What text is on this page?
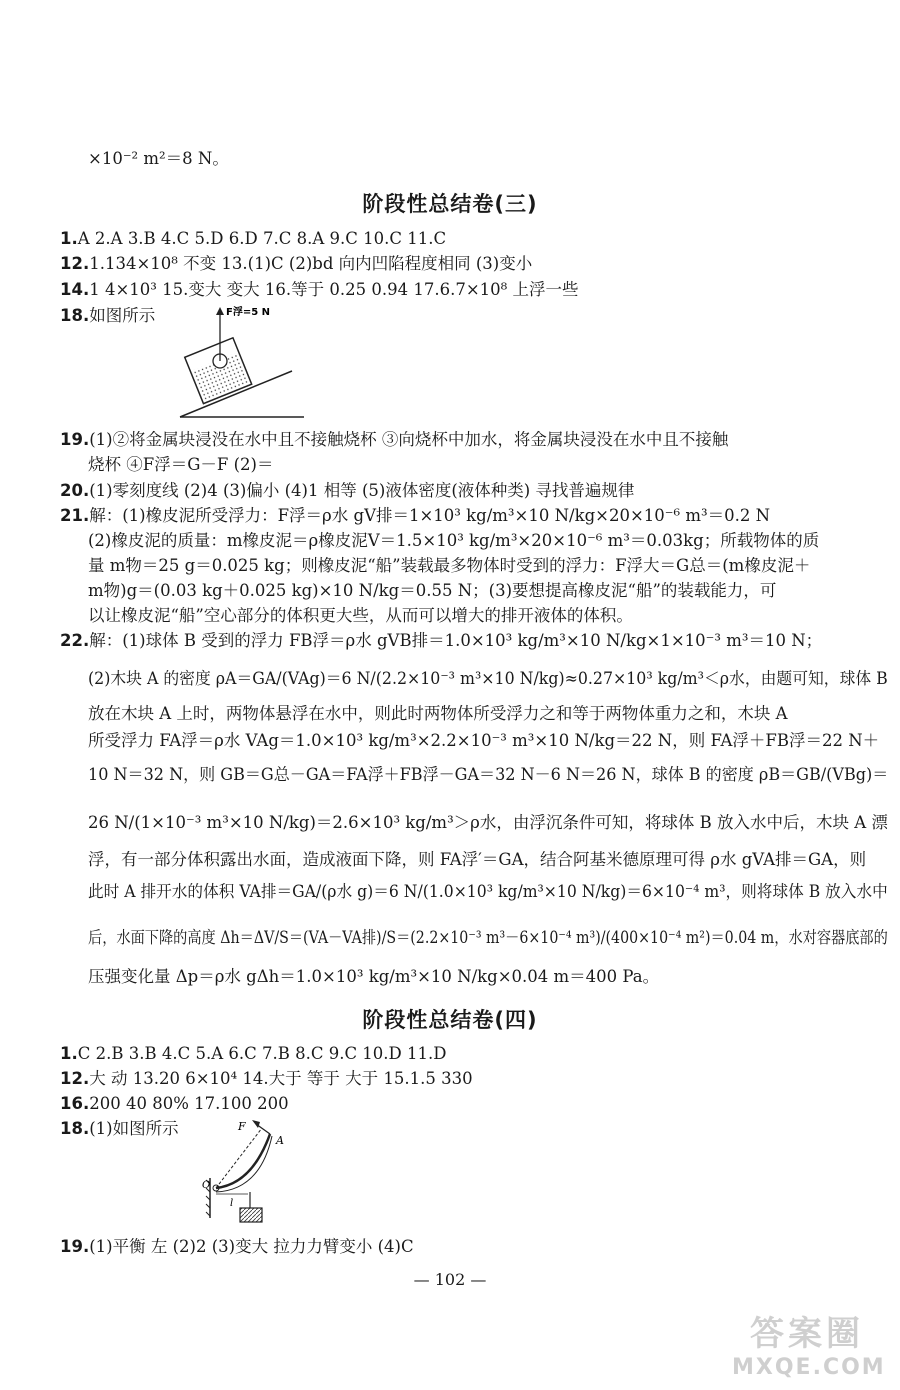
×10⁻² m²＝8 N。
阶段性总结卷(三)
1.A 2.A 3.B 4.C 5.D 6.D 7.C 8.A 9.C 10.C 11.C
12.1.134×10⁸ 不变 13.(1)C (2)bd 向内凹陷程度相同 (3)变小
14.1 4×10³ 15.变大 变大 16.等于 0.25 0.94 17.6.7×10⁸ 上浮一些
18.如图所示	F浮=5 N
19.(1)②将金属块浸没在水中且不接触烧杯 ③向烧杯中加水，将金属块浸没在水中且不接触
烧杯 ④F浮＝G－F (2)＝
20.(1)零刻度线 (2)4 (3)偏小 (4)1 相等 (5)液体密度(液体种类) 寻找普遍规律
21.解：(1)橡皮泥所受浮力：F浮＝ρ水 gV排＝1×10³ kg/m³×10 N/kg×20×10⁻⁶ m³＝0.2 N
(2)橡皮泥的质量：m橡皮泥＝ρ橡皮泥V＝1.5×10³ kg/m³×20×10⁻⁶ m³＝0.03kg；所载物体的质
量 m物＝25 g＝0.025 kg；则橡皮泥“船”装载最多物体时受到的浮力：F浮大＝G总＝(m橡皮泥＋
m物)g＝(0.03 kg＋0.025 kg)×10 N/kg＝0.55 N；(3)要想提高橡皮泥“船”的装载能力，可
以让橡皮泥“船”空心部分的体积更大些，从而可以增大的排开液体的体积。
22.解：(1)球体 B 受到的浮力 FB浮＝ρ水 gVB排＝1.0×10³ kg/m³×10 N/kg×1×10⁻³ m³＝10 N；
(2)木块 A 的密度 ρA＝GA/(VAg)＝6 N/(2.2×10⁻³ m³×10 N/kg)≈0.27×10³ kg/m³＜ρ水，由题可知，球体 B
放在木块 A 上时，两物体悬浮在水中，则此时两物体所受浮力之和等于两物体重力之和，木块 A
所受浮力 FA浮＝ρ水 VAg＝1.0×10³ kg/m³×2.2×10⁻³ m³×10 N/kg＝22 N，则 FA浮＋FB浮＝22 N＋
10 N＝32 N，则 GB＝G总－GA＝FA浮＋FB浮－GA＝32 N－6 N＝26 N，球体 B 的密度 ρB＝GB/(VBg)＝
26 N/(1×10⁻³ m³×10 N/kg)＝2.6×10³ kg/m³＞ρ水，由浮沉条件可知，将球体 B 放入水中后，木块 A 漂
浮，有一部分体积露出水面，造成液面下降，则 FA浮′＝GA，结合阿基米德原理可得 ρ水 gVA排＝GA，则
此时 A 排开水的体积 VA排＝GA/(ρ水 g)＝6 N/(1.0×10³ kg/m³×10 N/kg)＝6×10⁻⁴ m³，则将球体 B 放入水中
后，水面下降的高度 Δh＝ΔV/S＝(VA－VA排)/S＝(2.2×10⁻³ m³－6×10⁻⁴ m³)/(400×10⁻⁴ m²)＝0.04 m，水对容器底部的
压强变化量 Δp＝ρ水 gΔh＝1.0×10³ kg/m³×10 N/kg×0.04 m＝400 Pa。
阶段性总结卷(四)
1.C 2.B 3.B 4.C 5.A 6.C 7.B 8.C 9.C 10.D 11.D
12.大 动 13.20 6×10⁴ 14.大于 等于 大于 15.1.5 330
16.200 40 80% 17.100 200
18.(1)如图所示	F
A
O
l
19.(1)平衡 左 (2)2 (3)变大 拉力力臂变小 (4)C
— 102 —
答案圈
MXQE.COM
